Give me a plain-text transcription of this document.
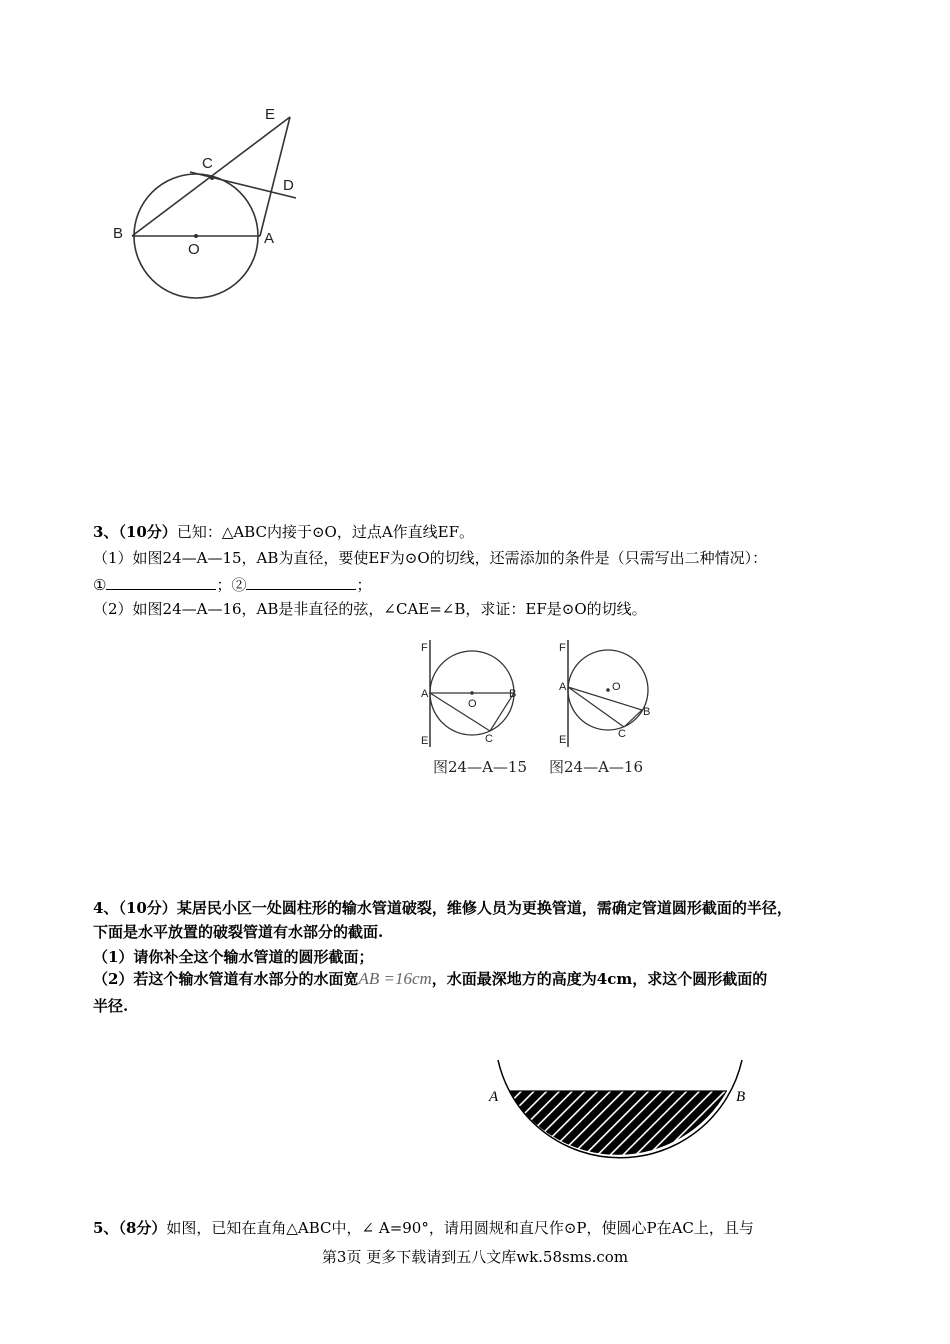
E
C
D
B
O
A
3、（10分）已知：△ABC内接于⊙O，过点A作直线EF。
（1）如图24—A—15，AB为直径，要使EF为⊙O的切线，还需添加的条件是（只需写出二种情况）：
①	；②	；
（2）如图24—A—16，AB是非直径的弦，∠CAE=∠B，求证：EF是⊙O的切线。
F
A
O
B
C
E
F
A	O
B
C
E
图24—A—15 图24—A—16
4、（10分）某居民小区一处圆柱形的输水管道破裂，维修人员为更换管道，需确定管道圆形截面的半径，
下面是水平放置的破裂管道有水部分的截面.
（1）请你补全这个输水管道的圆形截面；
（2）若这个输水管道有水部分的水面宽AB =16cm，水面最深地方的高度为4cm，求这个圆形截面的
半径.
A	B
5、（8分）如图，已知在直角△ABC中，∠ A=90°，请用圆规和直尺作⊙P，使圆心P在AC上，且与
第3页 更多下载请到五八文库wk.58sms.com
